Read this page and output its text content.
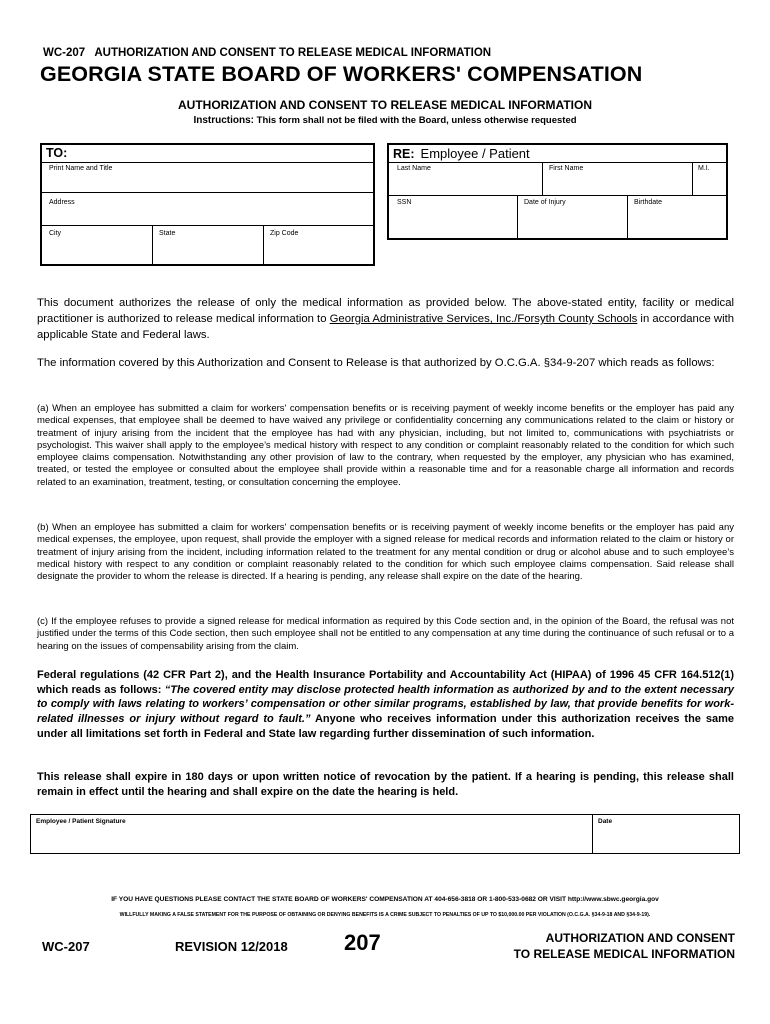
WC-207   AUTHORIZATION AND CONSENT TO RELEASE MEDICAL INFORMATION
GEORGIA STATE BOARD OF WORKERS' COMPENSATION
AUTHORIZATION AND CONSENT TO RELEASE MEDICAL INFORMATION
Instructions: This form shall not be filed with the Board, unless otherwise requested
TO:
Print Name and Title
Address
City	State	Zip Code
RE: Employee / Patient
Last Name	First Name	M.I.
SSN	Date of Injury	Birthdate
This document authorizes the release of only the medical information as provided below. The above-stated entity, facility or medical practitioner is authorized to release medical information to Georgia Administrative Services, Inc./Forsyth County Schools in accordance with applicable State and Federal laws.
The information covered by this Authorization and Consent to Release is that authorized by O.C.G.A. §34-9-207 which reads as follows:
(a) When an employee has submitted a claim for workers' compensation benefits or is receiving payment of weekly income benefits or the employer has paid any medical expenses, that employee shall be deemed to have waived any privilege or confidentiality concerning any communications related to the claim or history or treatment of injury arising from the incident that the employee has had with any physician, including, but not limited to, communications with psychiatrists or psychologist. This waiver shall apply to the employee’s medical history with respect to any condition or complaint reasonably related to the condition for which such employee claims compensation. Notwithstanding any other provision of law to the contrary, when requested by the employer, any physician who has examined, treated, or tested the employee or consulted about the employee shall provide within a reasonable time and for a reasonable charge all information and records related to an examination, treatment, testing, or consultation concerning the employee.
(b) When an employee has submitted a claim for workers' compensation benefits or is receiving payment of weekly income benefits or the employer has paid any medical expenses, the employee, upon request, shall provide the employer with a signed release for medical records and information related to the claim or history or treatment of injury arising from the incident, including information related to the treatment for any mental condition or drug or alcohol abuse and to such employee’s medical history with respect to any condition or complaint reasonably related to the condition for which such employee claims compensation. Said release shall designate the provider to whom the release is directed. If a hearing is pending, any release shall expire on the date of the hearing.
(c) If the employee refuses to provide a signed release for medical information as required by this Code section and, in the opinion of the Board, the refusal was not justified under the terms of this Code section, then such employee shall not be entitled to any compensation at any time during the continuance of such refusal or to a hearing on the issues of compensability arising from the claim.
Federal regulations (42 CFR Part 2), and the Health Insurance Portability and Accountability Act (HIPAA) of 1996 45 CFR 164.512(1) which reads as follows: “The covered entity may disclose protected health information as authorized by and to the extent necessary to comply with laws relating to workers’ compensation or other similar programs, established by law, that provide benefits for work-related illnesses or injury without regard to fault.” Anyone who receives information under this authorization receives the same under all limitations set forth in Federal and State law regarding further dissemination of such information.
This release shall expire in 180 days or upon written notice of revocation by the patient. If a hearing is pending, this release shall remain in effect until the hearing and shall expire on the date the hearing is held.
Employee / Patient Signature	Date
IF YOU HAVE QUESTIONS PLEASE CONTACT THE STATE BOARD OF WORKERS' COMPENSATION AT 404-656-3818 OR 1-800-533-0682 OR VISIT http://www.sbwc.georgia.gov
WILLFULLY MAKING A FALSE STATEMENT FOR THE PURPOSE OF OBTAINING OR DENYING BENEFITS IS A CRIME SUBJECT TO PENALTIES OF UP TO $10,000.00 PER VIOLATION (O.C.G.A. §34-9-18 AND §34-9-19).
WC-207	REVISION 12/2018	207	AUTHORIZATION AND CONSENT
TO RELEASE MEDICAL INFORMATION
